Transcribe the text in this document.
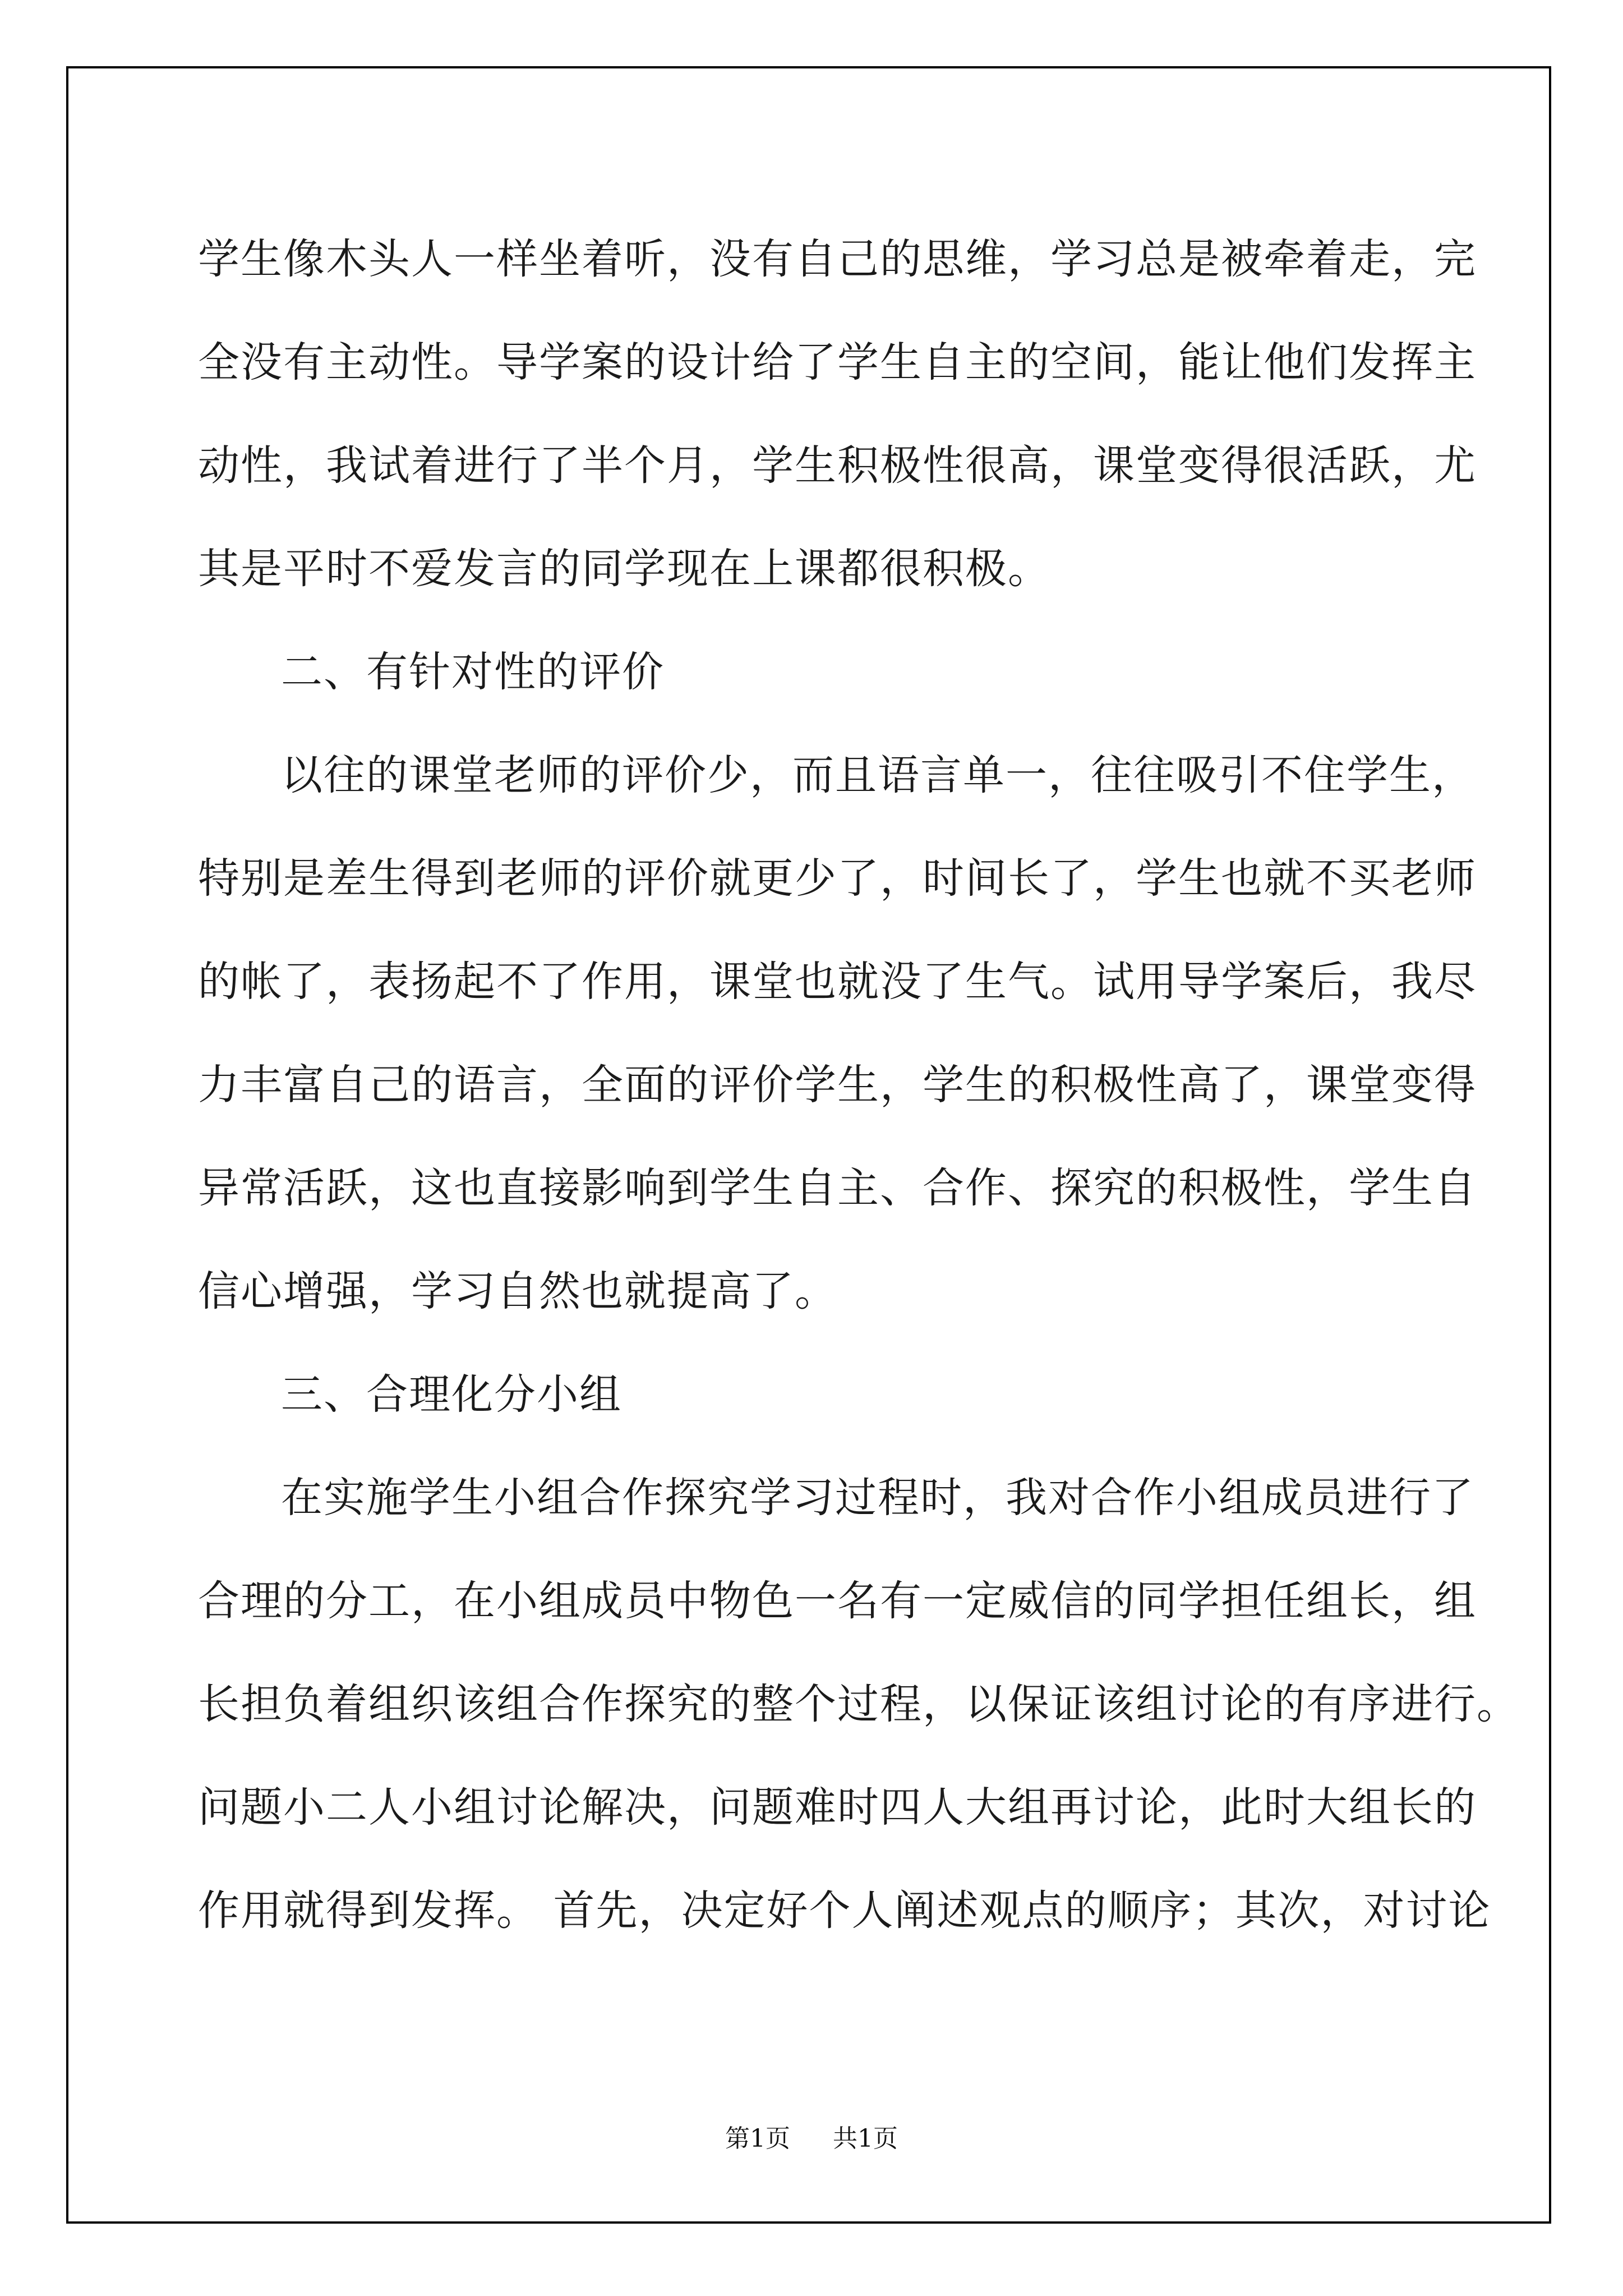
学生像木头人一样坐着听，没有自己的思维，学习总是被牵着走，完
全没有主动性。导学案的设计给了学生自主的空间，能让他们发挥主
动性，我试着进行了半个月，学生积极性很高，课堂变得很活跃，尤
其是平时不爱发言的同学现在上课都很积极。
二、有针对性的评价
以往的课堂老师的评价少，而且语言单一，往往吸引不住学生，
特别是差生得到老师的评价就更少了，时间长了，学生也就不买老师
的帐了，表扬起不了作用，课堂也就没了生气。试用导学案后，我尽
力丰富自己的语言，全面的评价学生，学生的积极性高了，课堂变得
异常活跃，这也直接影响到学生自主、合作、探究的积极性，学生自
信心增强，学习自然也就提高了。
三、合理化分小组
在实施学生小组合作探究学习过程时，我对合作小组成员进行了
合理的分工，在小组成员中物色一名有一定威信的同学担任组长，组
长担负着组织该组合作探究的整个过程，以保证该组讨论的有序进行。
问题小二人小组讨论解决，问题难时四人大组再讨论，此时大组长的
作用就得到发挥。 首先，决定好个人阐述观点的顺序；其次，对讨论
第1页 共1页
